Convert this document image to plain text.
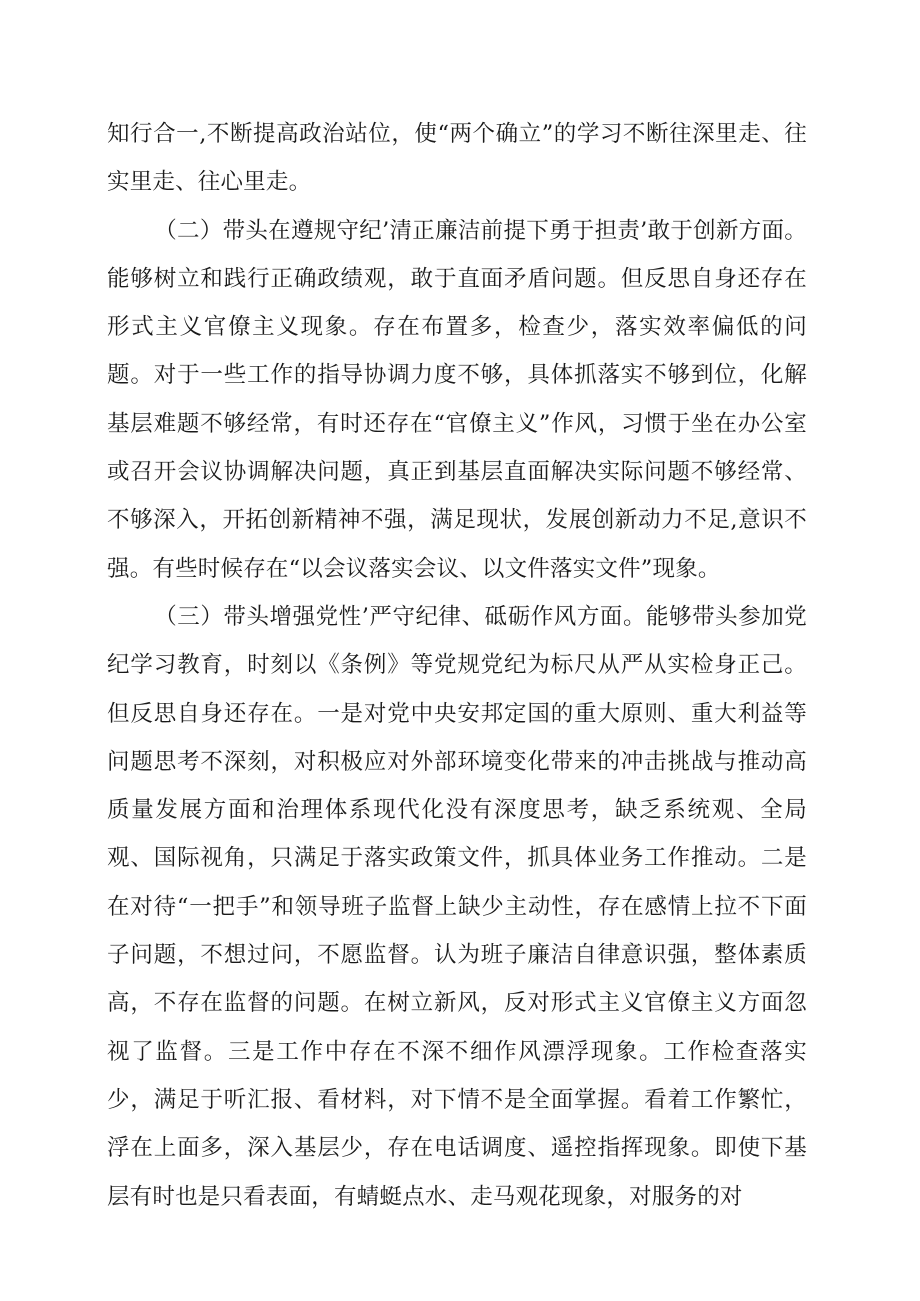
知行合一,不断提高政治站位，使“两个确立”的学习不断往深里走、往实里走、往心里走。

（二）带头在遵规守纪’清正廉洁前提下勇于担责’敢于创新方面。能够树立和践行正确政绩观，敢于直面矛盾问题。但反思自身还存在形式主义官僚主义现象。存在布置多，检查少，落实效率偏低的问题。对于一些工作的指导协调力度不够，具体抓落实不够到位，化解基层难题不够经常，有时还存在“官僚主义”作风，习惯于坐在办公室或召开会议协调解决问题，真正到基层直面解决实际问题不够经常、不够深入，开拓创新精神不强，满足现状，发展创新动力不足,意识不强。有些时候存在“以会议落实会议、以文件落实文件”现象。

（三）带头增强党性’严守纪律、砥砺作风方面。能够带头参加党纪学习教育，时刻以《条例》等党规党纪为标尺从严从实检身正己。但反思自身还存在。一是对党中央安邦定国的重大原则、重大利益等问题思考不深刻，对积极应对外部环境变化带来的冲击挑战与推动高质量发展方面和治理体系现代化没有深度思考，缺乏系统观、全局观、国际视角，只满足于落实政策文件，抓具体业务工作推动。二是在对待“一把手”和领导班子监督上缺少主动性，存在感情上拉不下面子问题，不想过问，不愿监督。认为班子廉洁自律意识强，整体素质高，不存在监督的问题。在树立新风，反对形式主义官僚主义方面忽视了监督。三是工作中存在不深不细作风漂浮现象。工作检查落实少，满足于听汇报、看材料，对下情不是全面掌握。看着工作繁忙，浮在上面多，深入基层少，存在电话调度、遥控指挥现象。即使下基层有时也是只看表面，有蜻蜓点水、走马观花现象，对服务的对
